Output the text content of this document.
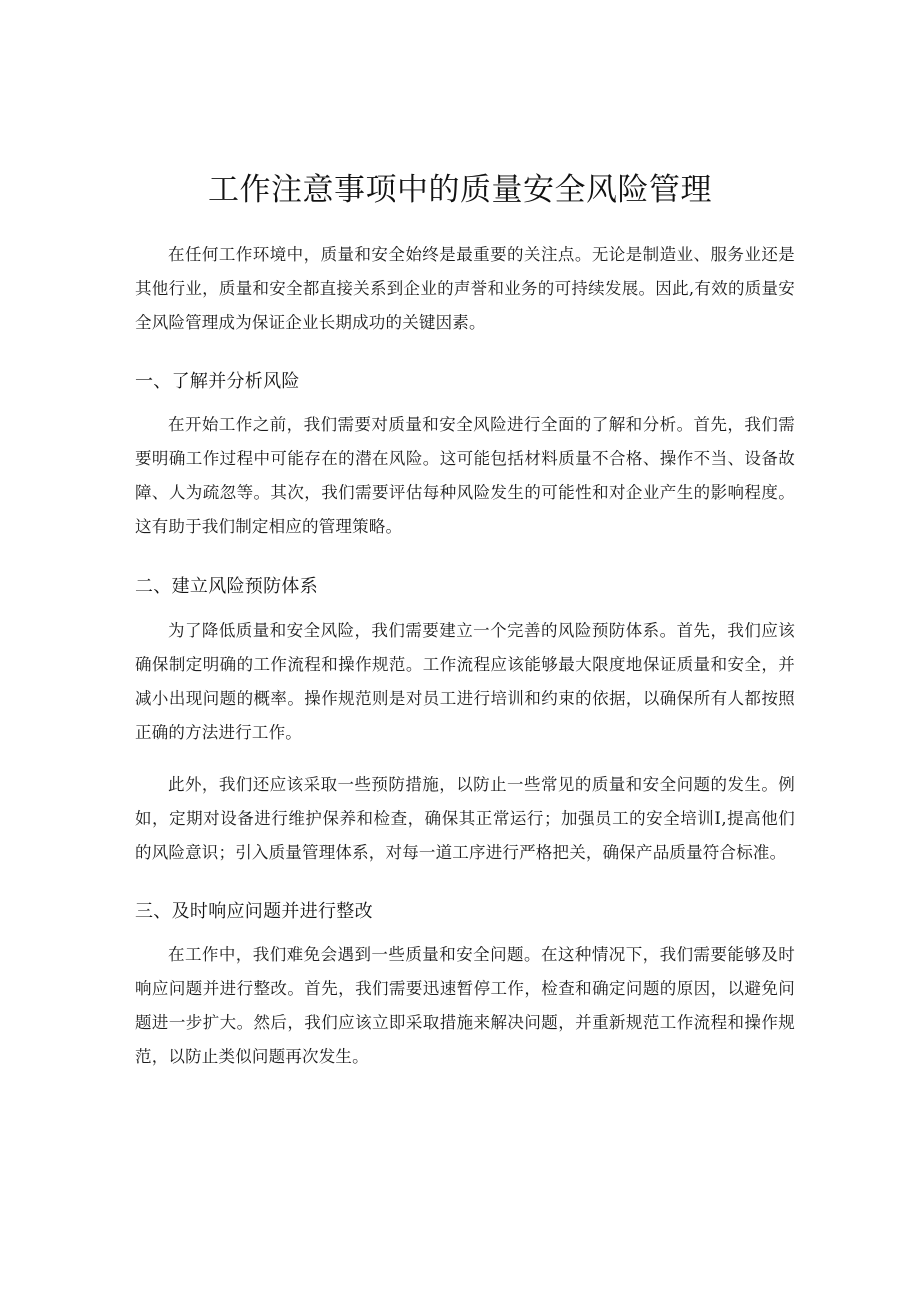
工作注意事项中的质量安全风险管理

在任何工作环境中，质量和安全始终是最重要的关注点。无论是制造业、服务业还是其他行业，质量和安全都直接关系到企业的声誉和业务的可持续发展。因此,有效的质量安全风险管理成为保证企业长期成功的关键因素。

一、了解并分析风险

在开始工作之前，我们需要对质量和安全风险进行全面的了解和分析。首先，我们需要明确工作过程中可能存在的潜在风险。这可能包括材料质量不合格、操作不当、设备故障、人为疏忽等。其次，我们需要评估每种风险发生的可能性和对企业产生的影响程度。这有助于我们制定相应的管理策略。

二、建立风险预防体系

为了降低质量和安全风险，我们需要建立一个完善的风险预防体系。首先，我们应该确保制定明确的工作流程和操作规范。工作流程应该能够最大限度地保证质量和安全，并减小出现问题的概率。操作规范则是对员工进行培训和约束的依据，以确保所有人都按照正确的方法进行工作。

此外，我们还应该采取一些预防措施，以防止一些常见的质量和安全问题的发生。例如，定期对设备进行维护保养和检查，确保其正常运行；加强员工的安全培训Ⅰ,提高他们的风险意识；引入质量管理体系，对每一道工序进行严格把关，确保产品质量符合标准。

三、及时响应问题并进行整改

在工作中，我们难免会遇到一些质量和安全问题。在这种情况下，我们需要能够及时响应问题并进行整改。首先，我们需要迅速暂停工作，检查和确定问题的原因，以避免问题进一步扩大。然后，我们应该立即采取措施来解决问题，并重新规范工作流程和操作规范，以防止类似问题再次发生。
